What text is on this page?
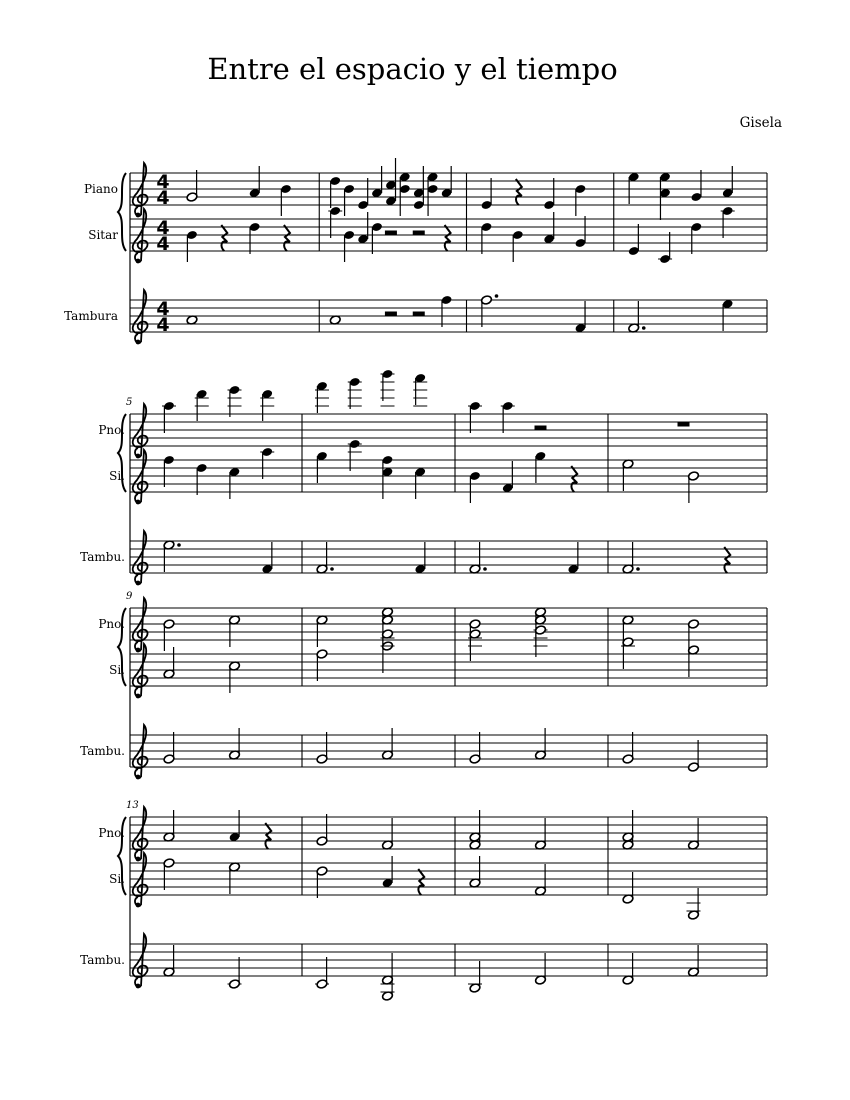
Entre el espacio y el tiempo
Gisela
4
4
Piano
4
4
Sitar
4
4
Tambura
Pno.
Si.
Tambu.
5
Pno.
Si.
Tambu.
9
Pno.
Si.
Tambu.
13
